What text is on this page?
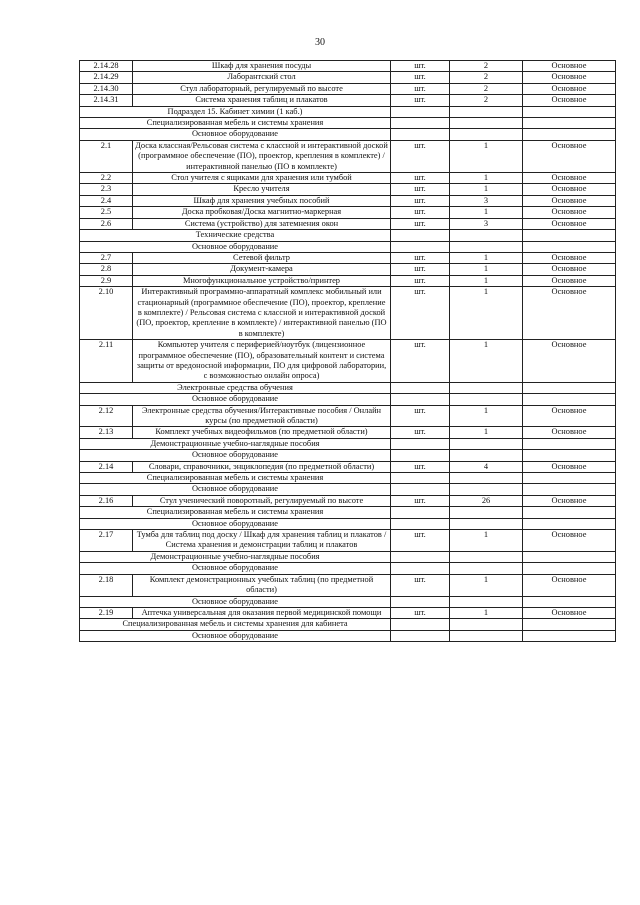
30
2.14.28	Шкаф для хранения посуды	шт.	2	Основное
2.14.29	Лаборантский стол	шт.	2	Основное
2.14.30	Стул лабораторный, регулируемый по высоте	шт.	2	Основное
2.14.31	Система хранения таблиц и плакатов	шт.	2	Основное
Подраздел 15. Кабинет химии (1 каб.)				
Специализированная мебель и системы хранения				
Основное оборудование				
2.1	Доска классная/Рельсовая система с классной и интерактивной доской (программное обеспечение (ПО), проектор, крепления в комплекте) / интерактивной панелью (ПО в комплекте)	шт.	1	Основное
2.2	Стол учителя с ящиками для хранения или тумбой	шт.	1	Основное
2.3	Кресло учителя	шт.	1	Основное
2.4	Шкаф для хранения учебных пособий	шт.	3	Основное
2.5	Доска пробковая/Доска магнитно-маркерная	шт.	1	Основное
2.6	Система (устройство) для затемнения окон	шт.	3	Основное
Технические средства				
Основное оборудование				
2.7	Сетевой фильтр	шт.	1	Основное
2.8	Документ-камера	шт.	1	Основное
2.9	Многофункциональное устройство/принтер	шт.	1	Основное
2.10	Интерактивный программно-аппаратный комплекс мобильный или стационарный (программное обеспечение (ПО), проектор, крепление в комплекте) / Рельсовая система с классной и интерактивной доской (ПО, проектор, крепление в комплекте) / интерактивной панелью (ПО в комплекте)	шт.	1	Основное
2.11	Компьютер учителя с периферией/ноутбук (лицензионное программное обеспечение (ПО), образовательный контент и система защиты от вредоносной информации, ПО для цифровой лаборатории, с возможностью онлайн опроса)	шт.	1	Основное
Электронные средства обучения				
Основное оборудование				
2.12	Электронные средства обучения/Интерактивные пособия / Онлайн курсы (по предметной области)	шт.	1	Основное
2.13	Комплект учебных видеофильмов (по предметной области)	шт.	1	Основное
Демонстрационные учебно-наглядные пособия				
Основное оборудование				
2.14	Словари, справочники, энциклопедия (по предметной области)	шт.	4	Основное
Специализированная мебель и системы хранения				
Основное оборудование				
2.16	Стул ученический поворотный, регулируемый по высоте	шт.	26	Основное
Специализированная мебель и системы хранения				
Основное оборудование				
2.17	Тумба для таблиц под доску / Шкаф для хранения таблиц и плакатов / Система хранения и демонстрации таблиц и плакатов	шт.	1	Основное
Демонстрационные учебно-наглядные пособия				
Основное оборудование				
2.18	Комплект демонстрационных учебных таблиц (по предметной области)	шт.	1	Основное
Основное оборудование				
2.19	Аптечка универсальная для оказания первой медицинской помощи	шт.	1	Основное
Специализированная мебель и системы хранения для кабинета				
Основное оборудование				
